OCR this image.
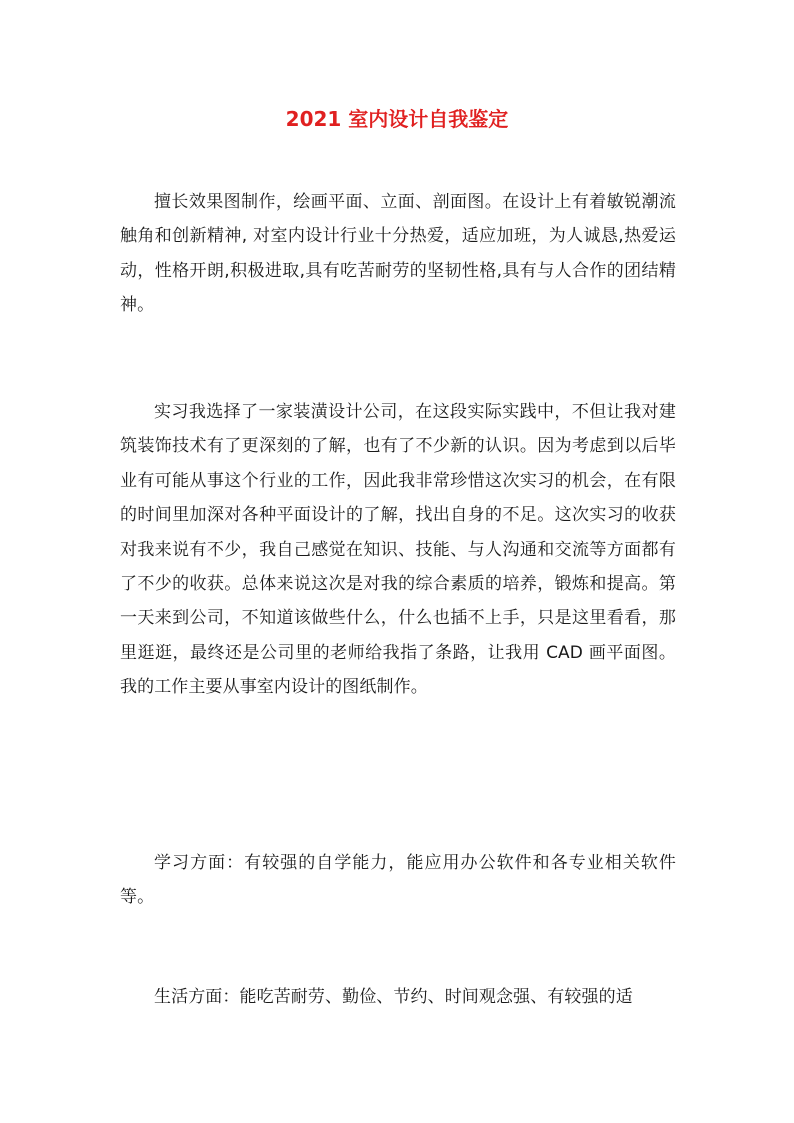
2021 室内设计自我鉴定

擅长效果图制作，绘画平面、立面、剖面图。在设计上有着敏锐潮流触角和创新精神, 对室内设计行业十分热爱，适应加班，为人诚恳,热爱运动，性格开朗,积极进取,具有吃苦耐劳的坚韧性格,具有与人合作的团结精神。

实习我选择了一家装潢设计公司，在这段实际实践中，不但让我对建筑装饰技术有了更深刻的了解，也有了不少新的认识。因为考虑到以后毕业有可能从事这个行业的工作，因此我非常珍惜这次实习的机会，在有限的时间里加深对各种平面设计的了解，找出自身的不足。这次实习的收获对我来说有不少，我自己感觉在知识、技能、与人沟通和交流等方面都有了不少的收获。总体来说这次是对我的综合素质的培养，锻炼和提高。第一天来到公司，不知道该做些什么，什么也插不上手，只是这里看看，那里逛逛，最终还是公司里的老师给我指了条路，让我用 CAD 画平面图。我的工作主要从事室内设计的图纸制作。

学习方面：有较强的自学能力，能应用办公软件和各专业相关软件等。

生活方面：能吃苦耐劳、勤俭、节约、时间观念强、有较强的适
